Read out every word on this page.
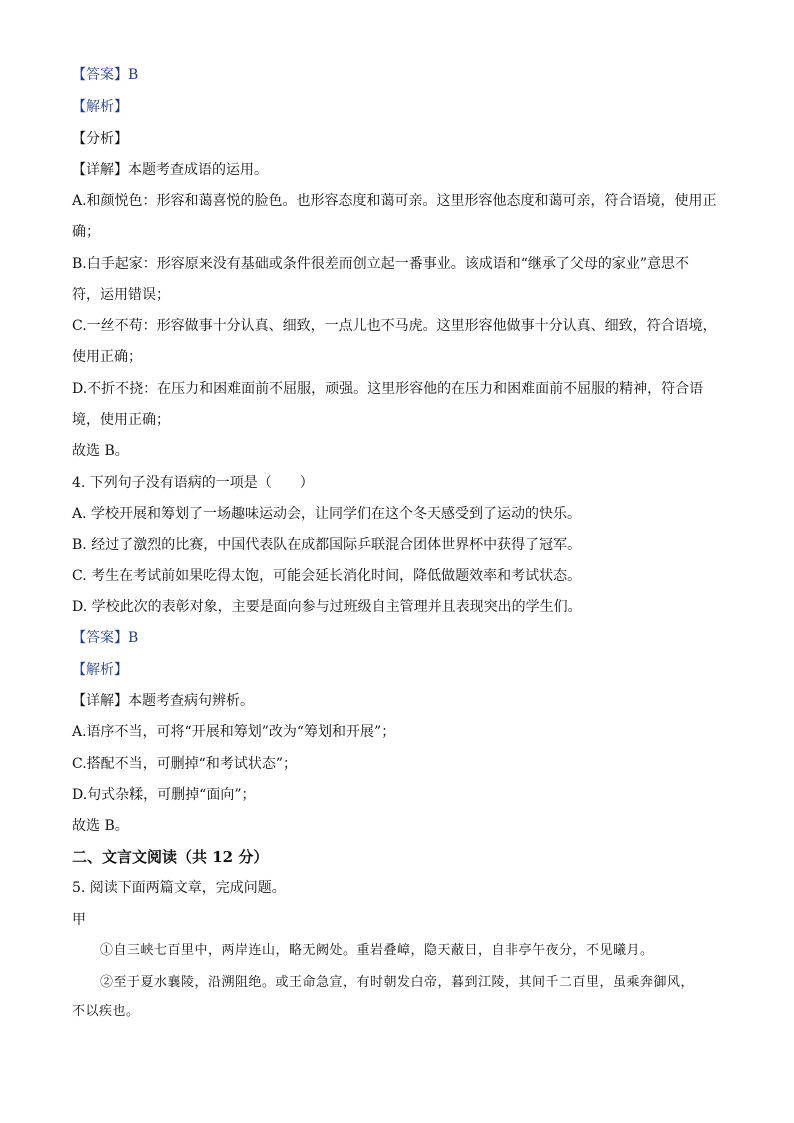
【答案】B
【解析】
【分析】
【详解】本题考查成语的运用。
A.和颜悦色：形容和蔼喜悦的脸色。也形容态度和蔼可亲。这里形容他态度和蔼可亲，符合语境，使用正
确；
B.白手起家：形容原来没有基础或条件很差而创立起一番事业。该成语和“继承了父母的家业”意思不
符，运用错误；
C.一丝不苟：形容做事十分认真、细致，一点儿也不马虎。这里形容他做事十分认真、细致，符合语境，
使用正确；
D.不折不挠：在压力和困难面前不屈服，顽强。这里形容他的在压力和困难面前不屈服的精神，符合语
境，使用正确；
故选 B。
4. 下列句子没有语病的一项是（　　）
A. 学校开展和筹划了一场趣味运动会，让同学们在这个冬天感受到了运动的快乐。
B. 经过了激烈的比赛，中国代表队在成都国际乒联混合团体世界杯中获得了冠军。
C. 考生在考试前如果吃得太饱，可能会延长消化时间，降低做题效率和考试状态。
D. 学校此次的表彰对象，主要是面向参与过班级自主管理并且表现突出的学生们。
【答案】B
【解析】
【详解】本题考查病句辨析。
A.语序不当，可将“开展和筹划”改为“筹划和开展”；
C.搭配不当，可删掉“和考试状态”；
D.句式杂糅，可删掉“面向”；
故选 B。
二、文言文阅读（共 12 分）
5. 阅读下面两篇文章，完成问题。
甲
①自三峡七百里中，两岸连山，略无阙处。重岩叠嶂，隐天蔽日，自非亭午夜分，不见曦月。
②至于夏水襄陵，沿溯阻绝。或王命急宣，有时朝发白帝，暮到江陵，其间千二百里，虽乘奔御风，
不以疾也。
